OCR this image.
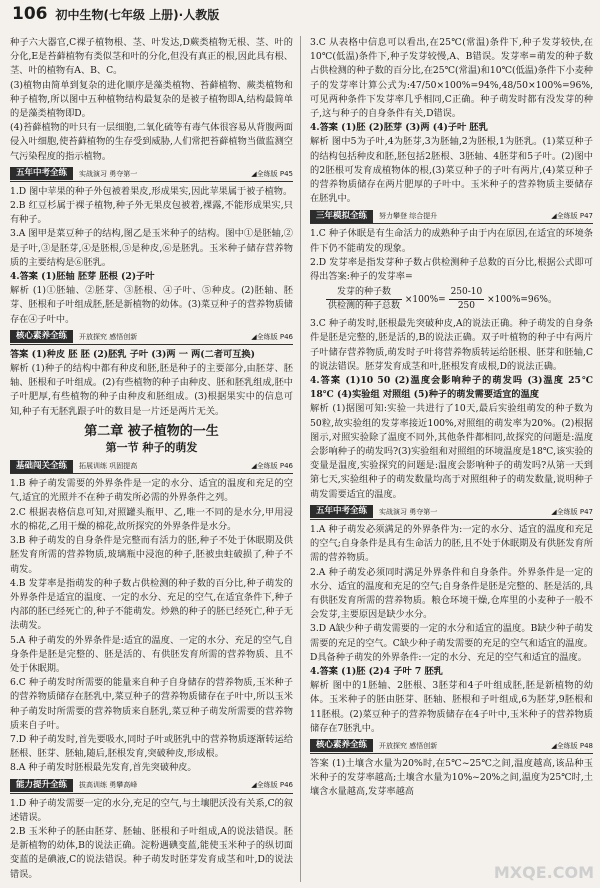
106 初中生物(七年级 上册)·人教版

种子六大器官,C裸子植物根、茎、叶发达,D蕨类植物无根、茎、叶的分化,E是苔藓植物有类似茎和叶的分化,但没有真正的根,因此具有根、茎、叶的植物有A、B、C。

(3)植物由简单到复杂的进化顺序是藻类植物、苔藓植物、蕨类植物和种子植物,所以图中五种植物结构最复杂的是被子植物即A,结构最简单的是藻类植物即D。

(4)苔藓植物的叶只有一层细胞,二氧化硫等有毒气体很容易从背腹两面侵入叶细胞,使苔藓植物的生存受到威胁,人们常把苔藓植物当做监测空气污染程度的指示植物。

五年中考全练	实战演习 勇夺第一	◢全练版 P45

1.D 图中苹果的种子外包被着果皮,形成果实,因此苹果属于被子植物。

2.B 红豆杉属于裸子植物,种子外无果皮包被着,裸露,不能形成果实,只有种子。

3.A 图甲是菜豆种子的结构,图乙是玉米种子的结构。图中①是胚轴,②是子叶,③是胚芽,④是胚根,⑤是种皮,⑥是胚乳。玉米种子储存营养物质的主要结构是⑥胚乳。

4.答案 (1)胚轴 胚芽 胚根 (2)子叶

解析 (1)①胚轴、②胚芽、③胚根、④子叶、⑤种皮。(2)胚轴、胚芽、胚根和子叶组成胚,胚是新植物的幼体。(3)菜豆种子的营养物质储存在④子叶中。

核心素养全练	开放探究 感悟创新	◢全练版 P46

答案 (1)种皮 胚 胚 (2)胚乳 子叶 (3)两 一 两(二者可互换)

解析 (1)种子的结构中都有种皮和胚,胚是种子的主要部分,由胚芽、胚轴、胚根和子叶组成。(2)有些植物的种子由种皮、胚和胚乳组成,胚中子叶肥厚,有些植物的种子由种皮和胚组成。(3)根据果实中的信息可知,种子有无胚乳跟子叶的数目是一片还是两片无关。

第二章 被子植物的一生
第一节 种子的萌发
基础闯关全练	拓展训练 巩固提高	◢全练版 P46

1.B 种子萌发需要的外界条件是一定的水分、适宜的温度和充足的空气,适宜的光照并不在种子萌发所必需的外界条件之列。

2.C 根据表格信息可知,对照罐头瓶甲、乙,唯一不同的是水分,甲用浸水的棉花,乙用干燥的棉花,故所探究的外界条件是水分。

3.B 种子萌发的自身条件是完整而有活力的胚,种子不处于休眠期及供胚发育所需的营养物质,玻璃瓶中浸泡的种子,胚被虫蛀破损了,种子不萌发。

4.B 发芽率是指萌发的种子数占供检测的种子数的百分比,种子萌发的外界条件是适宜的温度、一定的水分、充足的空气,在适宜条件下,种子内部的胚已经死亡的,种子不能萌发。炒熟的种子的胚已经死亡,种子无法萌发。

5.A 种子萌发的外界条件是:适宜的温度、一定的水分、充足的空气,自身条件是胚是完整的、胚是活的、有供胚发育所需的营养物质、且不处于休眠期。

6.C 种子萌发时所需要的能量来自种子自身储存的营养物质,玉米种子的营养物质储存在胚乳中,菜豆种子的营养物质储存在子叶中,所以玉米种子萌发时所需要的营养物质来自胚乳,菜豆种子萌发所需要的营养物质来自子叶。

7.D 种子萌发时,首先要吸水,同时子叶或胚乳中的营养物质逐渐转运给胚根、胚芽、胚轴,随后,胚根发育,突破种皮,形成根。

8.A 种子萌发时胚根最先发育,首先突破种皮。

能力提升全练	拔高训练 勇攀高峰	◢全练版 P46

1.D 种子萌发需要一定的水分,充足的空气,与土壤肥沃没有关系,C的叙述错误。

2.B 玉米种子的胚由胚芽、胚轴、胚根和子叶组成,A的说法错误。胚是新植物的幼体,B的说法正确。淀粉遇碘变蓝,能使玉米种子的纵切面变蓝的是碘液,C的说法错误。种子萌发时胚芽发育成茎和叶,D的说法错误。

3.C 从表格中信息可以看出,在25℃(常温)条件下,种子发芽较快,在10℃(低温)条件下,种子发芽较慢,A、B错误。发芽率=萌发的种子数占供检测的种子数的百分比,在25℃(常温)和10℃(低温)条件下小麦种子的发芽率计算公式为:47/50×100%=94%,48/50×100%=96%,可见两种条件下发芽率几乎相同,C正确。种子萌发时都有没发芽的种子,这与种子的自身条件有关,D错误。

4.答案 (1)胚 (2)胚芽 (3)两 (4)子叶 胚乳

解析 图中5为子叶,4为胚芽,3为胚轴,2为胚根,1为胚乳。(1)菜豆种子的结构包括种皮和胚,胚包括2胚根、3胚轴、4胚芽和5子叶。(2)图中的2胚根可发育成植物体的根,(3)菜豆种子的子叶有两片,(4)菜豆种子的营养物质储存在两片肥厚的子叶中。玉米种子的营养物质主要储存在胚乳中。

三年模拟全练	努力攀登 综合提升	◢全练版 P47

1.C 种子休眠是有生命活力的成熟种子由于内在原因,在适宜的环境条件下仍不能萌发的现象。

2.D 发芽率是指发芽种子数占供检测种子总数的百分比,根据公式即可得出答案:种子的发芽率=

$\frac{\text{发芽的种子数}}{\text{供检测的种子总数}} \times 100\%= \frac{250-10}{250} \times 100\%=96\%$。

3.C 种子萌发时,胚根最先突破种皮,A的说法正确。种子萌发的自身条件是胚是完整的,胚是活的,B的说法正确。双子叶植物的种子中有两片子叶储存营养物质,萌发时子叶将营养物质转运给胚根、胚芽和胚轴,C的说法错误。胚芽发育成茎和叶,胚根发育成根,D的说法正确。

4.答案 (1)10 50 (2)温度会影响种子的萌发吗 (3)温度 25℃ 18℃ (4)实验组 对照组 (5)种子的萌发需要适宜的温度

解析 (1)据图可知:实验一共进行了10天,最后实验组萌发的种子数为50粒,故实验组的发芽率接近100%,对照组的萌发率为20%。(2)根据图示,对照实验除了温度不同外,其他条件都相同,故探究的问题是:温度会影响种子的萌发吗?(3)实验组和对照组的环境温度是18℃,该实验的变量是温度,实验探究的问题是:温度会影响种子的萌发吗?从第一天到第七天,实验组种子的萌发数量均高于对照组种子的萌发数量,说明种子萌发需要适宜的温度。

五年中考全练	实战演习 勇夺第一	◢全练版 P47

1.A 种子萌发必须满足的外界条件为:一定的水分、适宜的温度和充足的空气;自身条件是具有生命活力的胚,且不处于休眠期及有供胚发育所需的营养物质。

2.A 种子萌发必须同时满足外界条件和自身条件。外界条件是一定的水分、适宜的温度和充足的空气;自身条件是胚是完整的、胚是活的,具有供胚发育所需的营养物质。粮仓环境干燥,仓库里的小麦种子一般不会发芽,主要原因是缺少水分。

3.D A缺少种子萌发需要的一定的水分和适宜的温度。B缺少种子萌发需要的充足的空气。C缺少种子萌发需要的充足的空气和适宜的温度。D具备种子萌发的外界条件:一定的水分、充足的空气和适宜的温度。

4.答案 (1)胚 (2)4 子叶 7 胚乳

解析 图中的1胚轴、2胚根、3胚芽和4子叶组成胚,胚是新植物的幼体。玉米种子的胚由胚芽、胚轴、胚根和子叶组成,6为胚芽,9胚根和11胚根。(2)菜豆种子的营养物质储存在4子叶中,玉米种子的营养物质储存在7胚乳中。

核心素养全练	开放探究 感悟创新	◢全练版 P48

答案 (1)土壤含水量为20%时,在5℃~25℃之间,温度越高,该品种玉米种子的发芽率越高;土壤含水量为10%~20%之间,温度为25℃时,土壤含水量越高,发芽率越高

MXQE.COM
